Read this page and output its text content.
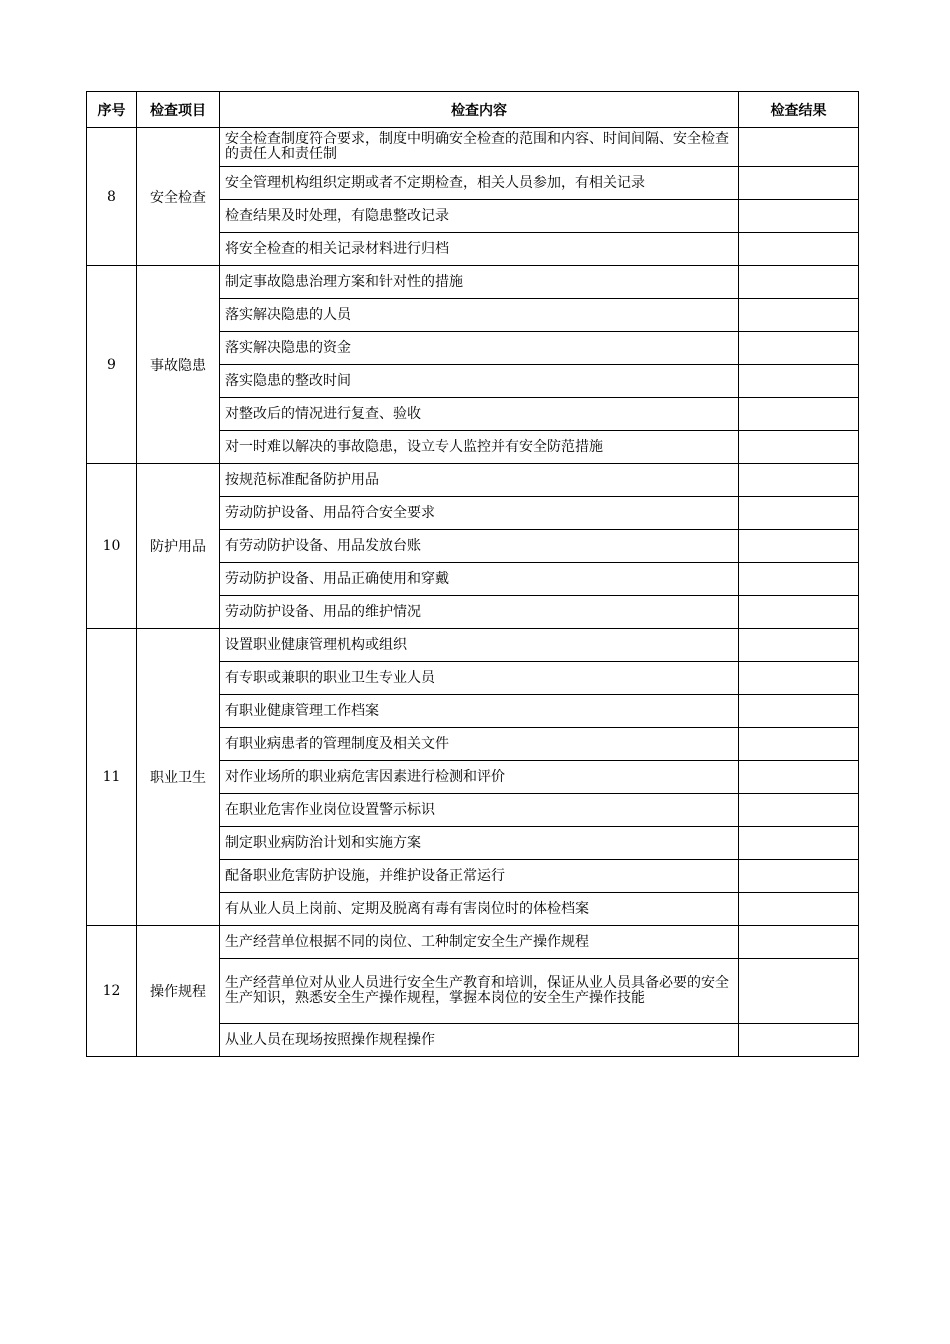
序号	检查项目	检查内容	检查结果
8	安全检查	安全检查制度符合要求，制度中明确安全检查的范围和内容、时间间隔、安全检查的责任人和责任制	
		安全管理机构组织定期或者不定期检查，相关人员参加，有相关记录	
		检查结果及时处理，有隐患整改记录	
		将安全检查的相关记录材料进行归档	
9	事故隐患	制定事故隐患治理方案和针对性的措施	
		落实解决隐患的人员	
		落实解决隐患的资金	
		落实隐患的整改时间	
		对整改后的情况进行复查、验收	
		对一时难以解决的事故隐患，设立专人监控并有安全防范措施	
10	防护用品	按规范标准配备防护用品	
		劳动防护设备、用品符合安全要求	
		有劳动防护设备、用品发放台账	
		劳动防护设备、用品正确使用和穿戴	
		劳动防护设备、用品的维护情况	
11	职业卫生	设置职业健康管理机构或组织	
		有专职或兼职的职业卫生专业人员	
		有职业健康管理工作档案	
		有职业病患者的管理制度及相关文件	
		对作业场所的职业病危害因素进行检测和评价	
		在职业危害作业岗位设置警示标识	
		制定职业病防治计划和实施方案	
		配备职业危害防护设施，并维护设备正常运行	
		有从业人员上岗前、定期及脱离有毒有害岗位时的体检档案	
12	操作规程	生产经营单位根据不同的岗位、工种制定安全生产操作规程	
		生产经营单位对从业人员进行安全生产教育和培训，保证从业人员具备必要的安全生产知识，熟悉安全生产操作规程，掌握本岗位的安全生产操作技能	
		从业人员在现场按照操作规程操作	
